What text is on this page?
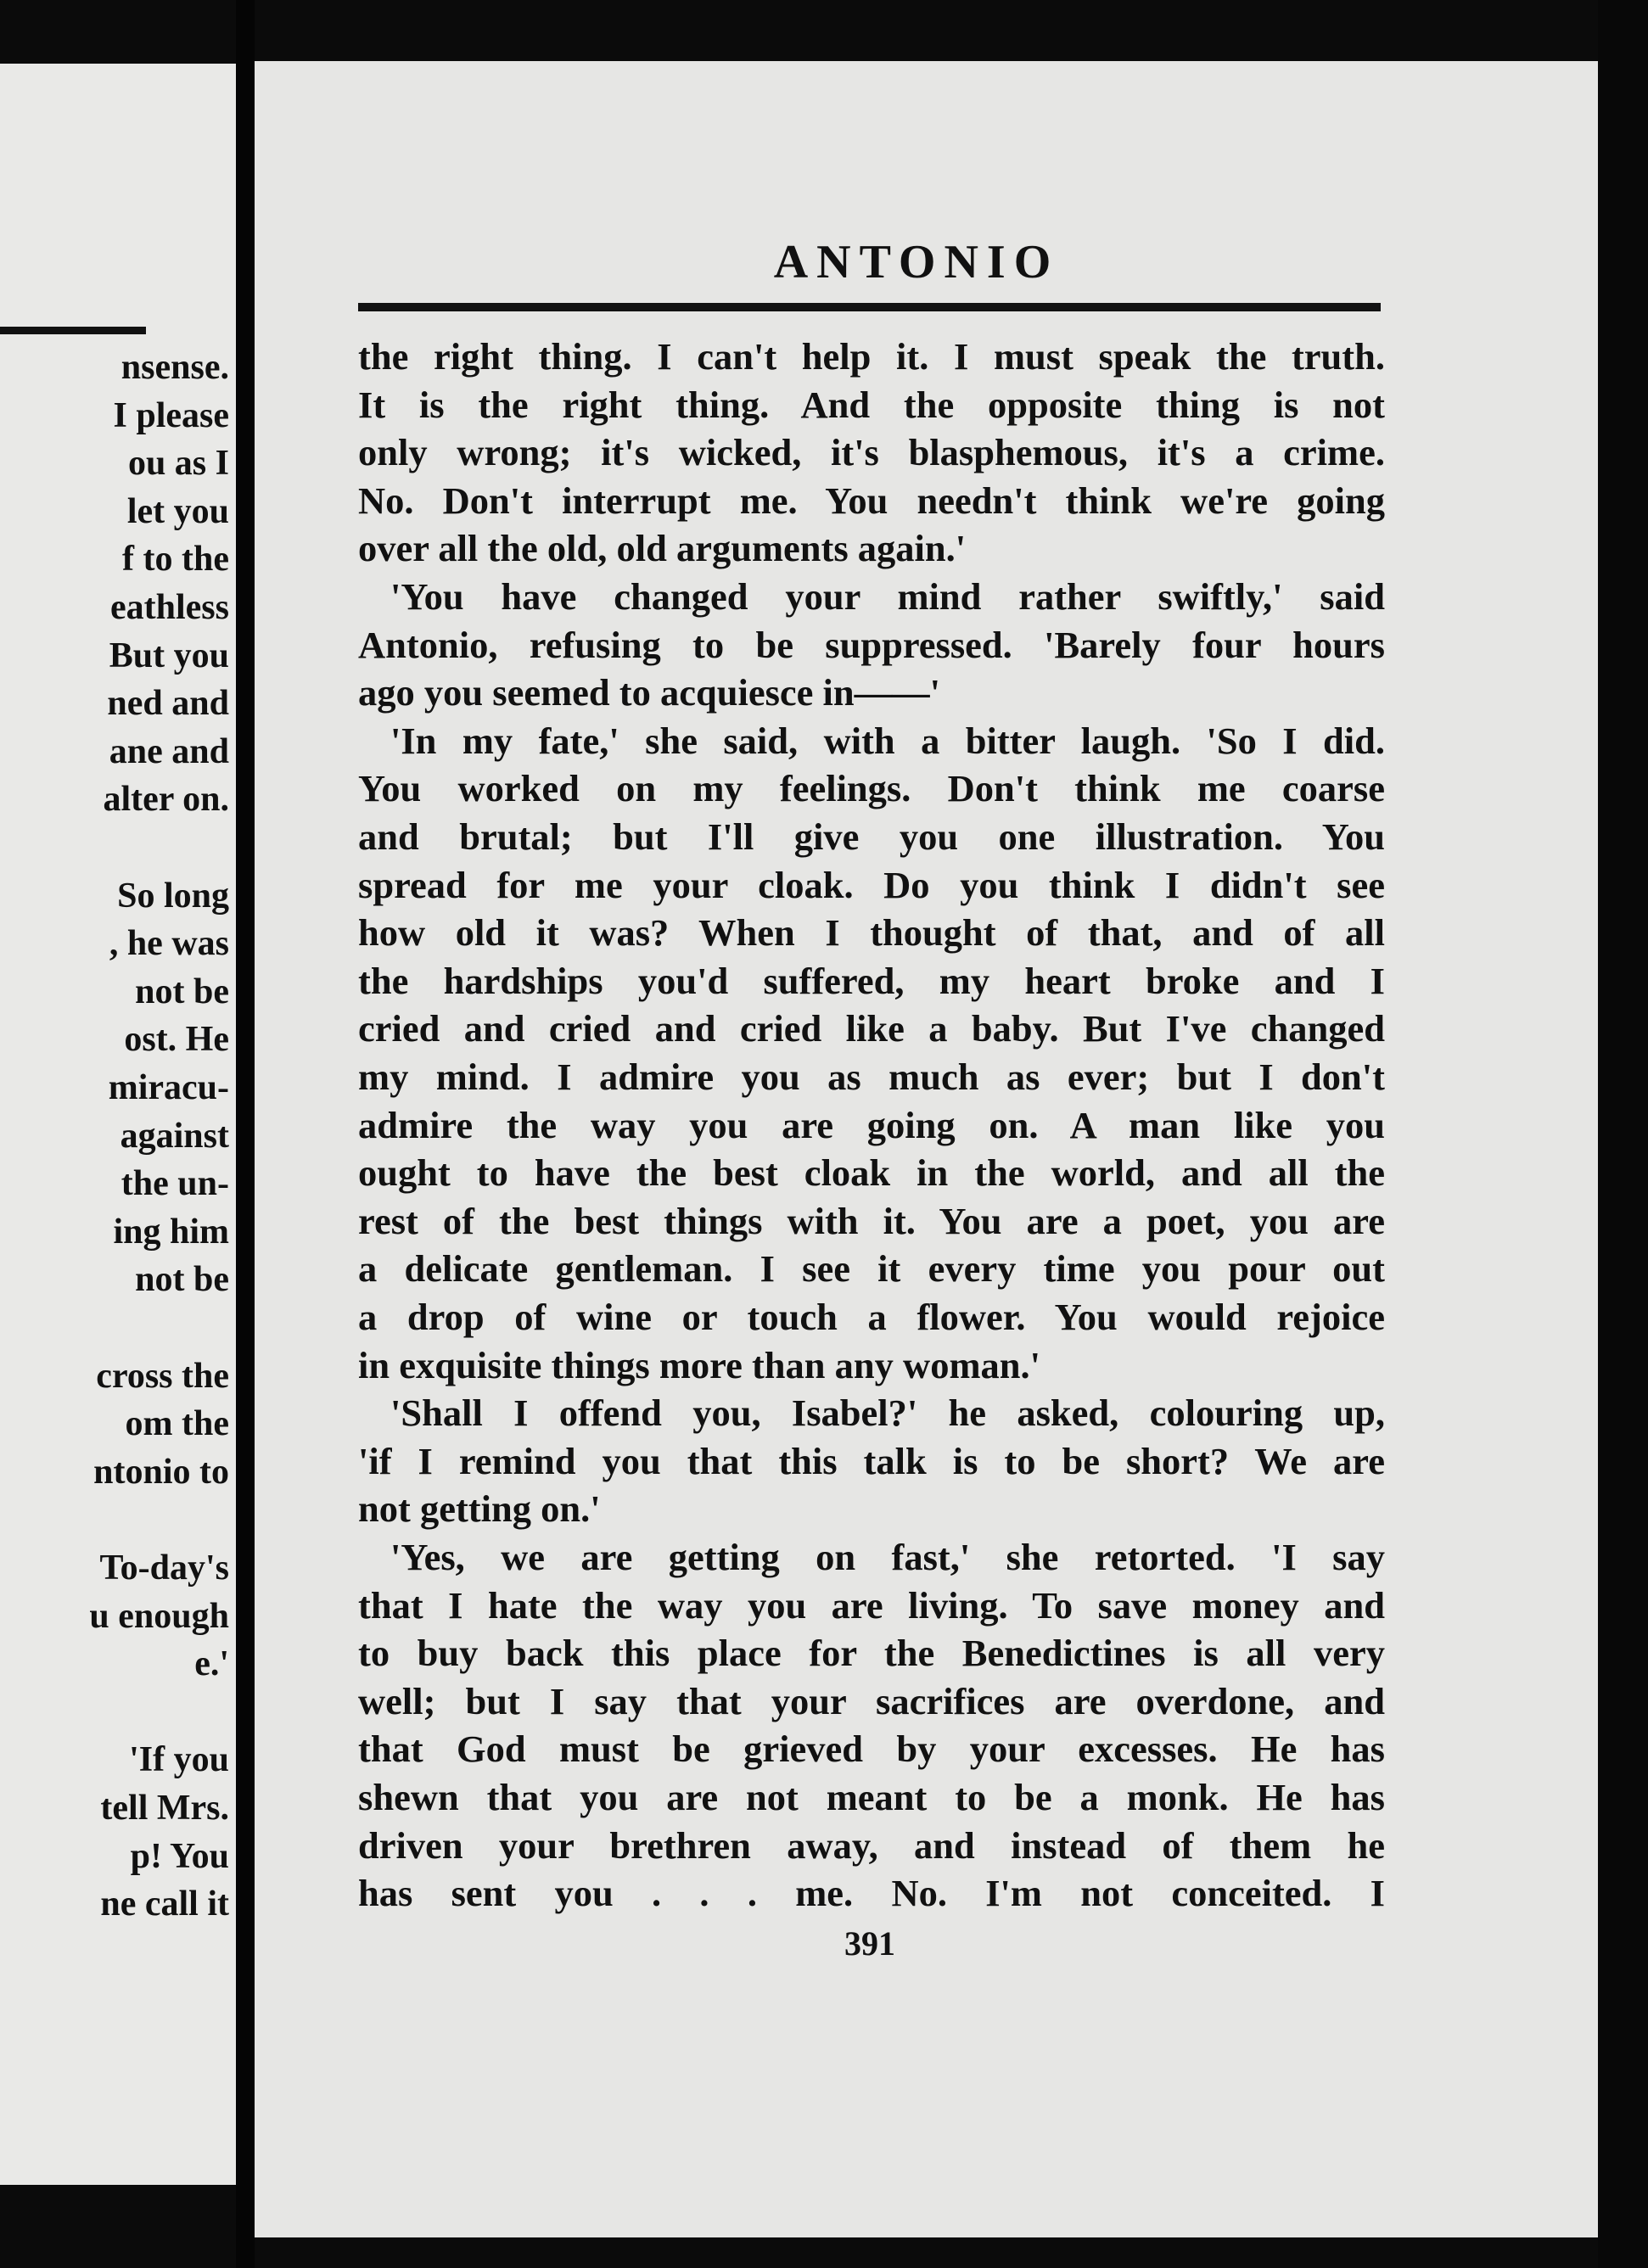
nsense.
I please
ou as I
let you
f to the
eathless
But you
ned and
ane and
alter on.
So long
, he was
not be
ost. He
miracu-
against
the un-
ing him
not be
cross the
om the
ntonio to
To-day's
u enough
e.'
'If you
tell Mrs.
p! You
ne call it
ANTONIO
the right thing. I can't help it. I must speak the truth.
It is the right thing. And the opposite thing is not
only wrong; it's wicked, it's blasphemous, it's a crime.
No. Don't interrupt me. You needn't think we're going
over all the old, old arguments again.'
'You have changed your mind rather swiftly,' said
Antonio, refusing to be suppressed. 'Barely four hours
ago you seemed to acquiesce in——'
'In my fate,' she said, with a bitter laugh. 'So I did.
You worked on my feelings. Don't think me coarse
and brutal; but I'll give you one illustration. You
spread for me your cloak. Do you think I didn't see
how old it was? When I thought of that, and of all
the hardships you'd suffered, my heart broke and I
cried and cried and cried like a baby. But I've changed
my mind. I admire you as much as ever; but I don't
admire the way you are going on. A man like you
ought to have the best cloak in the world, and all the
rest of the best things with it. You are a poet, you are
a delicate gentleman. I see it every time you pour out
a drop of wine or touch a flower. You would rejoice
in exquisite things more than any woman.'
'Shall I offend you, Isabel?' he asked, colouring up,
'if I remind you that this talk is to be short? We are
not getting on.'
'Yes, we are getting on fast,' she retorted. 'I say
that I hate the way you are living. To save money and
to buy back this place for the Benedictines is all very
well; but I say that your sacrifices are overdone, and
that God must be grieved by your excesses. He has
shewn that you are not meant to be a monk. He has
driven your brethren away, and instead of them he
has sent you . . . me. No. I'm not conceited. I
391
